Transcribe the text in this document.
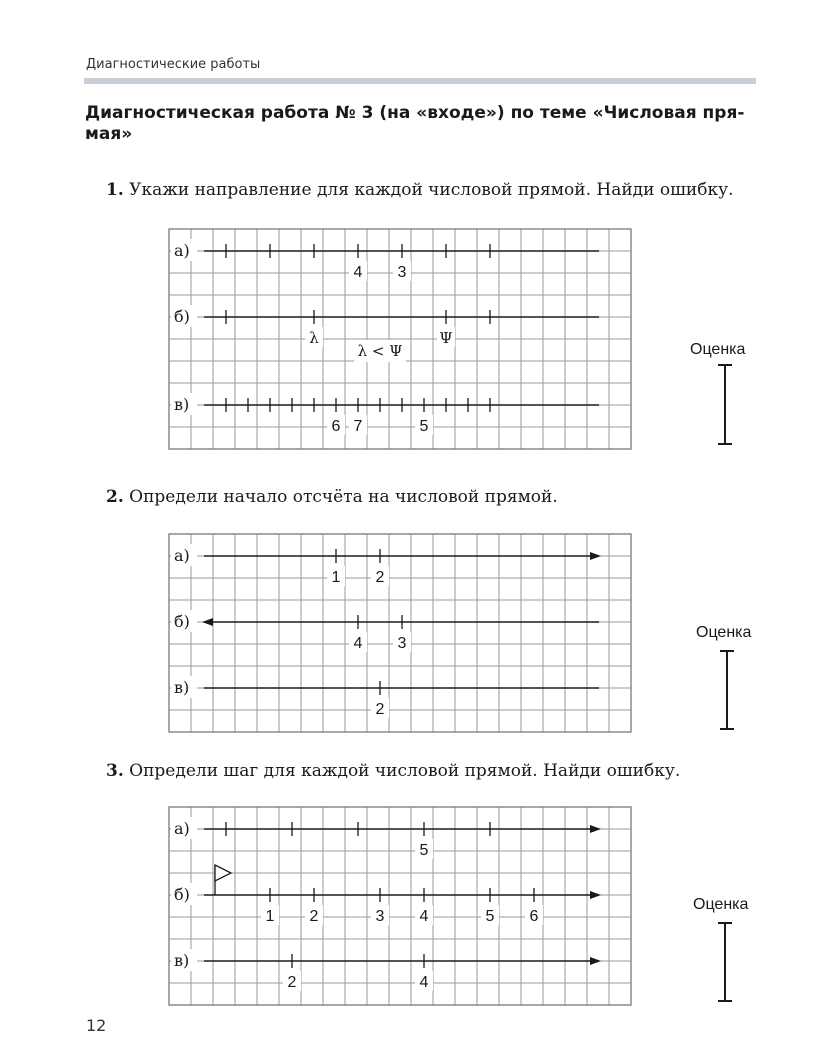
Диагностические работы
Диагностическая работа № 3 (на «входе») по теме «Числовая прямая»
1. Укажи направление для каждой числовой прямой. Найди ошибку.
а)
4 3
б)
λ	Ψ
λ < Ψ
в)
6 7	5
Оценка
2. Определи начало отсчёта на числовой прямой.
а)
1 2
б)
4 3
в)
2
Оценка
3. Определи шаг для каждой числовой прямой. Найди ошибку.
а)
5
б)
1 2	3 4	5 6
в)
2	4
Оценка
12
